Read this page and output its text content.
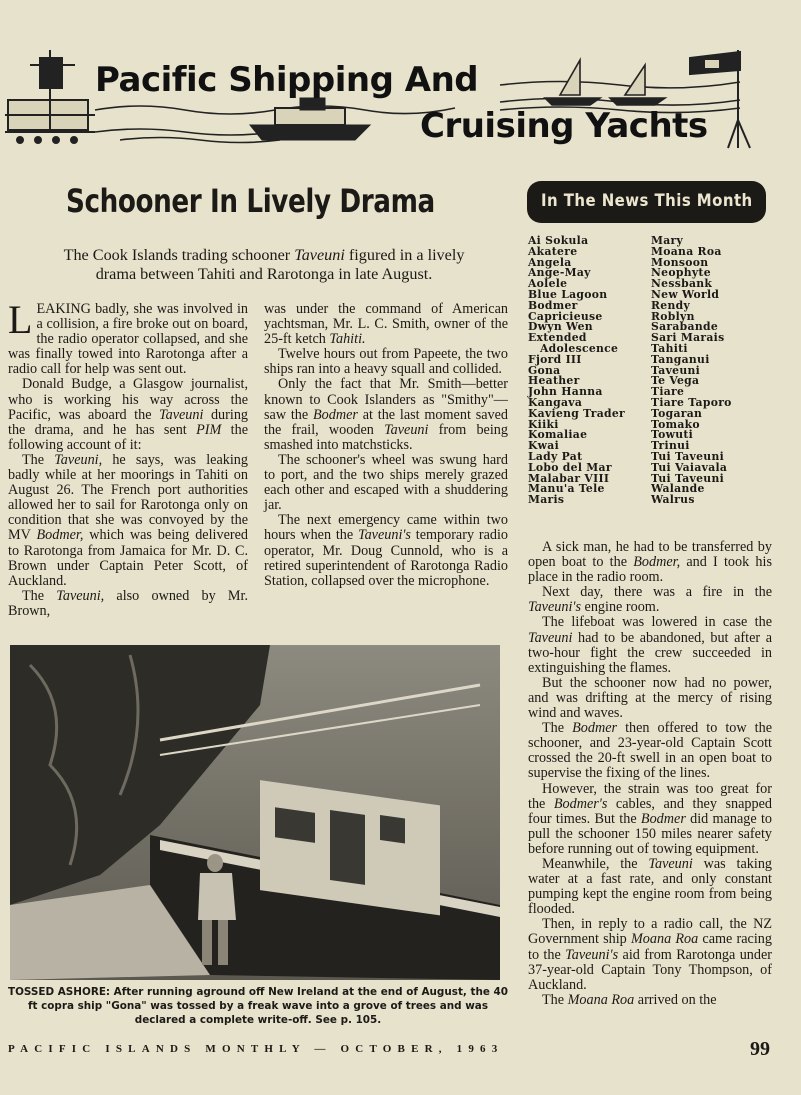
Pacific Shipping And
Cruising Yachts
Schooner In Lively Drama	In The News This Month
Ai Sokula
Akatere
Angela
Ange-May
Aolele
Blue Lagoon
Bodmer
Capricieuse
Dwyn Wen
Extended
Adolescence
Fjord III
Gona
Heather
John Hanna
Kangava
Kavieng Trader
Kiiki
Komaliae
Kwai
Lady Pat
Lobo del Mar
Malabar VIII
Manu'a Tele
Maris
Mary
Moana Roa
Monsoon
Neophyte
Nessbank
New World
Rendy
Roblyn
Sarabande
Sari Marais
Tahiti
Tanganui
Taveuni
Te Vega
Tiare
Tiare Taporo
Togaran
Tomako
Towuti
Trinui
Tui Taveuni
Tui Vaiavala
Tui Taveuni
Walande
Walrus
The Cook Islands trading schooner Taveuni figured in a lively drama between Tahiti and Rarotonga in late August.

LEAKING badly, she was involved in a collision, a fire broke out on board, the radio operator collapsed, and she was finally towed into Rarotonga after a radio call for help was sent out.

Donald Budge, a Glasgow journalist, who is working his way across the Pacific, was aboard the Taveuni during the drama, and he has sent PIM the following account of it:

The Taveuni, he says, was leaking badly while at her moorings in Tahiti on August 26. The French port authorities allowed her to sail for Rarotonga only on condition that she was convoyed by the MV Bodmer, which was being delivered to Rarotonga from Jamaica for Mr. D. C. Brown under Captain Peter Scott, of Auckland.

The Taveuni, also owned by Mr. Brown,

was under the command of American yachtsman, Mr. L. C. Smith, owner of the 25-ft ketch Tahiti.

Twelve hours out from Papeete, the two ships ran into a heavy squall and collided.

Only the fact that Mr. Smith—better known to Cook Islanders as "Smithy"—saw the Bodmer at the last moment saved the frail, wooden Taveuni from being smashed into matchsticks.

The schooner's wheel was swung hard to port, and the two ships merely grazed each other and escaped with a shuddering jar.

The next emergency came within two hours when the Taveuni's temporary radio operator, Mr. Doug Cunnold, who is a retired superintendent of Rarotonga Radio Station, collapsed over the microphone.

A sick man, he had to be transferred by open boat to the Bodmer, and I took his place in the radio room.

Next day, there was a fire in the Taveuni's engine room.

The lifeboat was lowered in case the Taveuni had to be abandoned, but after a two-hour fight the crew succeeded in extinguishing the flames.

But the schooner now had no power, and was drifting at the mercy of rising wind and waves.

The Bodmer then offered to tow the schooner, and 23-year-old Captain Scott crossed the 20-ft swell in an open boat to supervise the fixing of the lines.

However, the strain was too great for the Bodmer's cables, and they snapped four times. But the Bodmer did manage to pull the schooner 150 miles nearer safety before running out of towing equipment.

Meanwhile, the Taveuni was taking water at a fast rate, and only constant pumping kept the engine room from being flooded.

Then, in reply to a radio call, the NZ Government ship Moana Roa came racing to the Taveuni's aid from Rarotonga under 37-year-old Captain Tony Thompson, of Auckland.

The Moana Roa arrived on the

TOSSED ASHORE: After running aground off New Ireland at the end of August, the 40 ft copra ship "Gona" was tossed by a freak wave into a grove of trees and was declared a complete write-off. See p. 105.
PACIFIC ISLANDS MONTHLY — OCTOBER, 1963	99
